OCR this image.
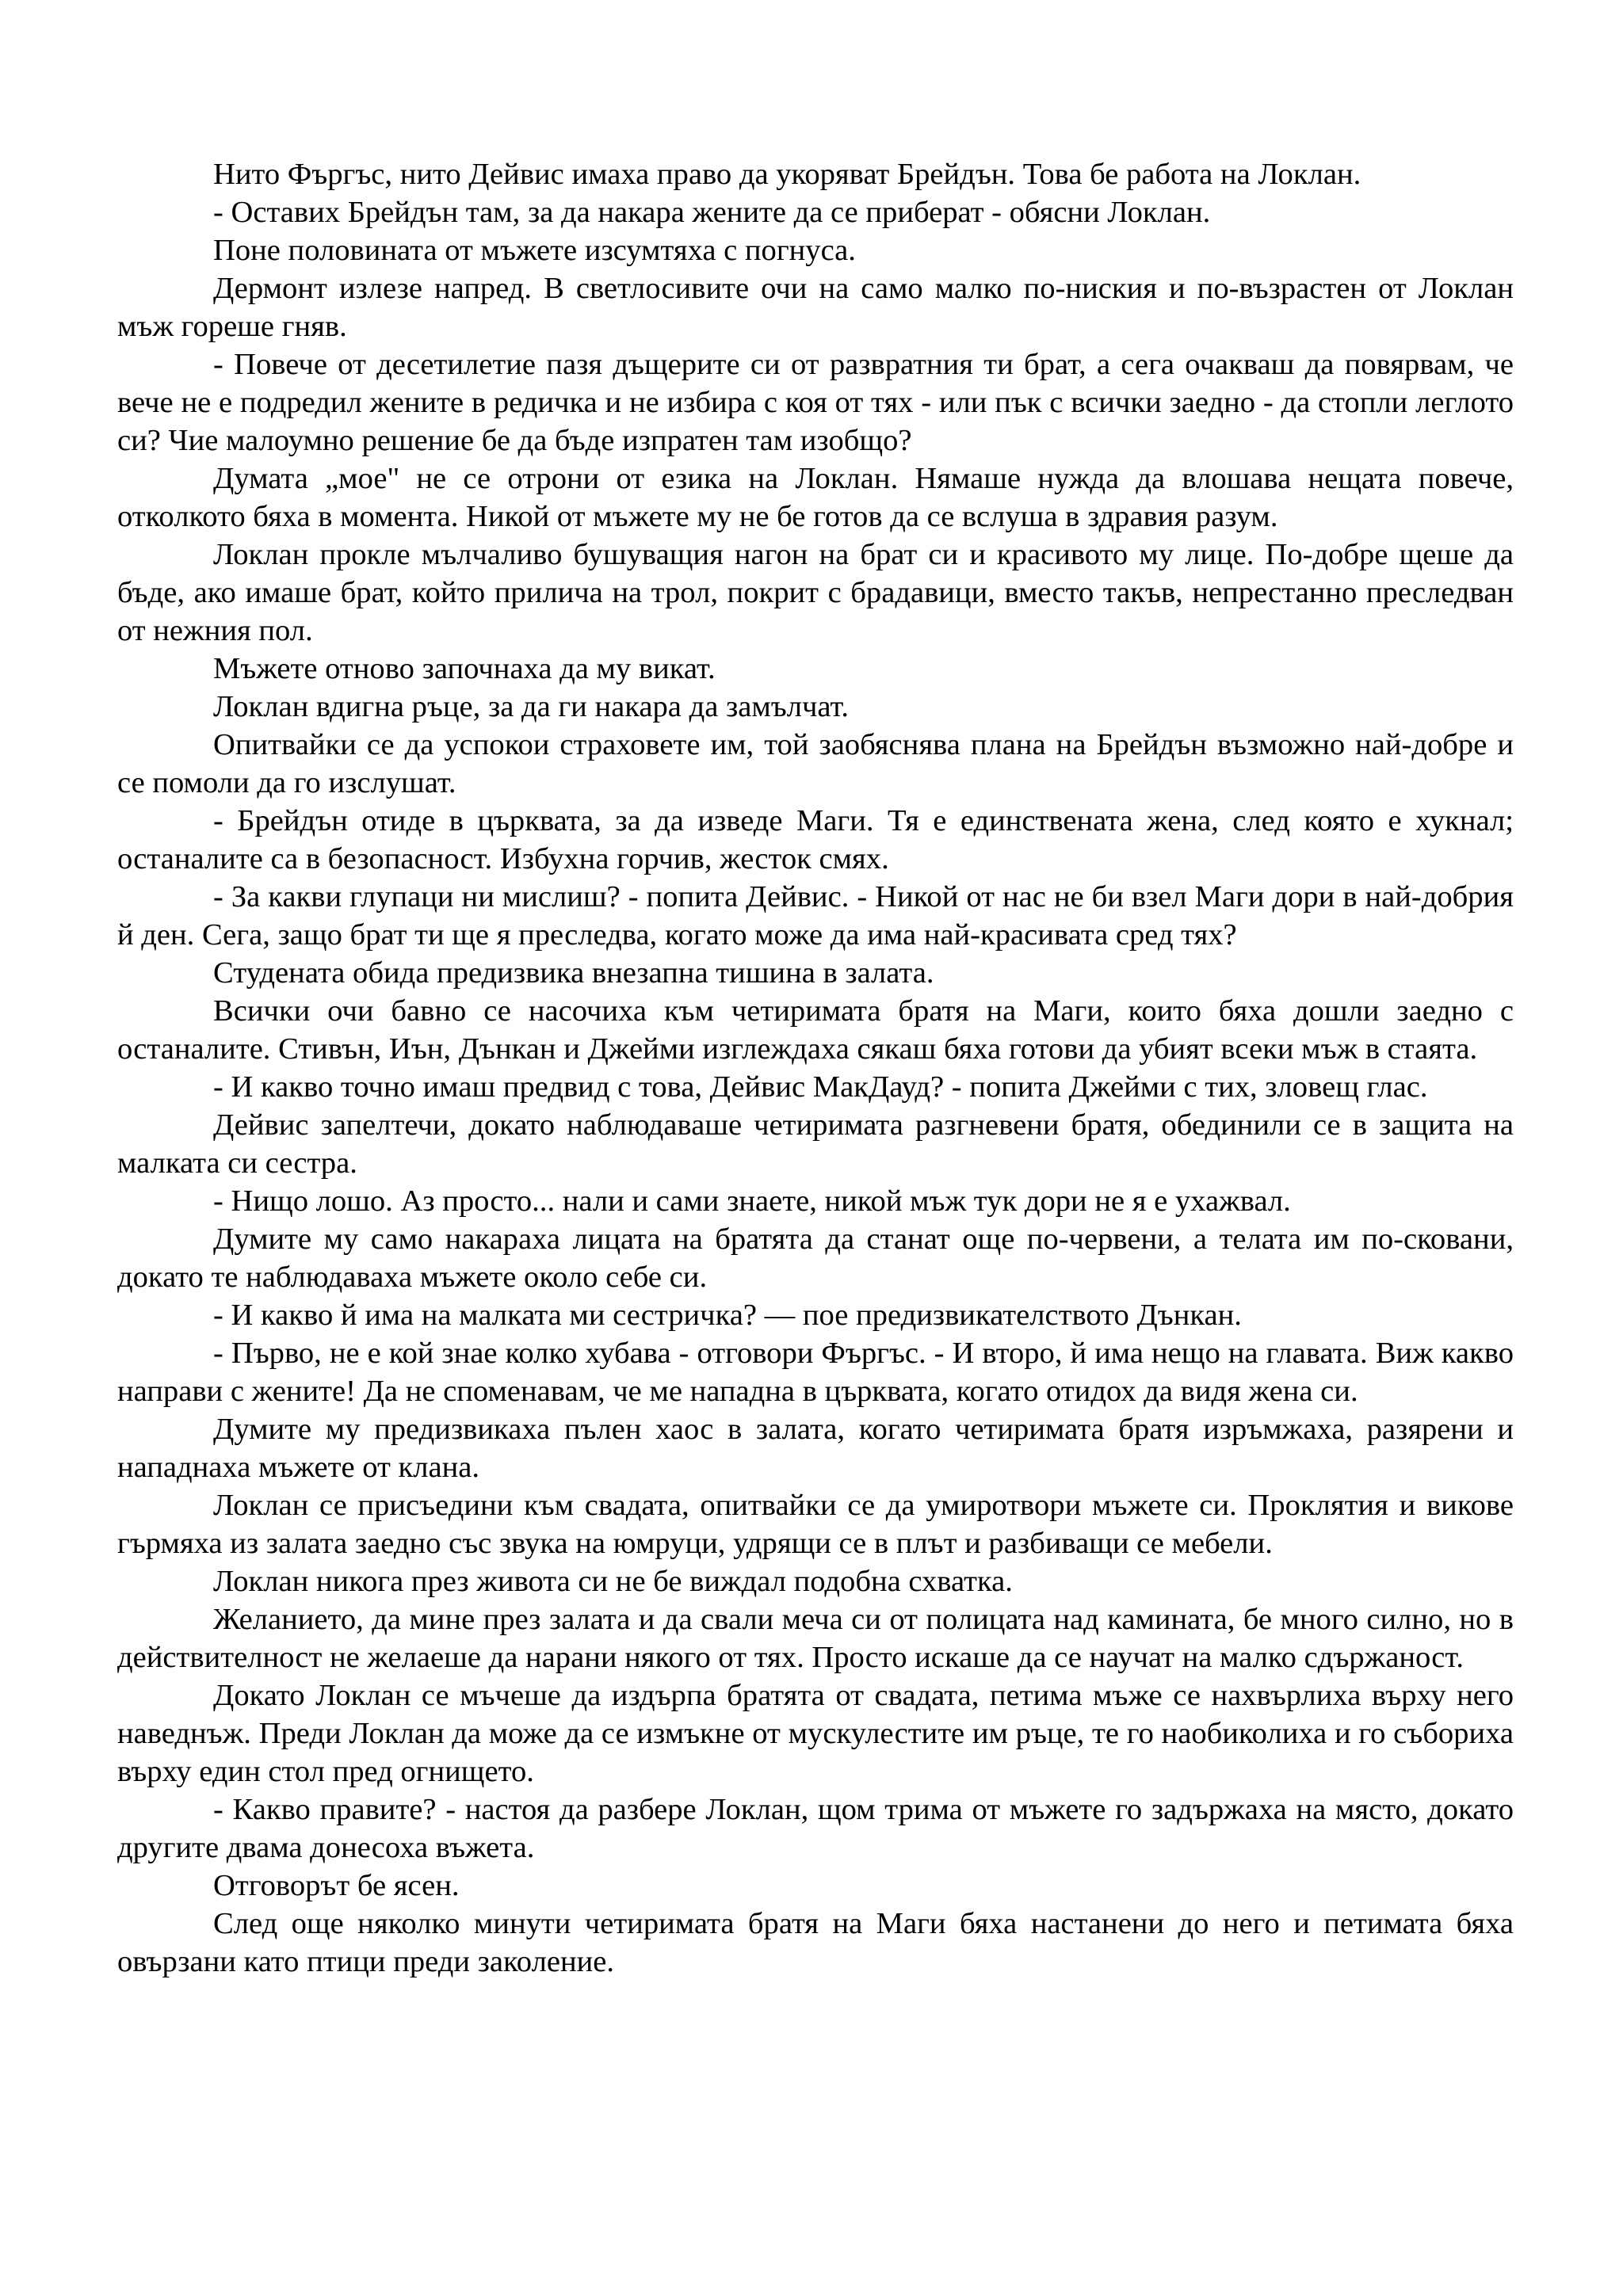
Нито Фъргъс, нито Дейвис имаха право да укоряват Брейдън. Това бе работа на Локлан.

- Оставих Брейдън там, за да накара жените да се приберат - обясни Локлан.

Поне половината от мъжете изсумтяха с погнуса.

Дермонт излезе напред. В светлосивите очи на само малко по-ниския и по-възрастен от Локлан мъж гореше гняв.

- Повече от десетилетие пазя дъщерите си от развратния ти брат, а сега очакваш да повярвам, че вече не е подредил жените в редичка и не избира с коя от тях - или пък с всички заедно - да стопли леглото си? Чие малоумно решение бе да бъде изпратен там изобщо?

Думата „мое" не се отрони от езика на Локлан. Нямаше нужда да влошава нещата повече, отколкото бяха в момента. Никой от мъжете му не бе готов да се вслуша в здравия разум.

Локлан прокле мълчаливо бушуващия нагон на брат си и красивото му лице. По-добре щеше да бъде, ако имаше брат, който прилича на трол, покрит с брадавици, вместо такъв, непрестанно преследван от нежния пол.

Мъжете отново започнаха да му викат.

Локлан вдигна ръце, за да ги накара да замълчат.

Опитвайки се да успокои страховете им, той заобяснява плана на Брейдън възможно най-добре и се помоли да го изслушат.

- Брейдън отиде в църквата, за да изведе Маги. Тя е единствената жена, след която е хукнал; останалите са в безопасност. Избухна горчив, жесток смях.

- За какви глупаци ни мислиш? - попита Дейвис. - Никой от нас не би взел Маги дори в най-добрия й ден. Сега, защо брат ти ще я преследва, когато може да има най-красивата сред тях?

Студената обида предизвика внезапна тишина в залата.

Всички очи бавно се насочиха към четиримата братя на Маги, които бяха дошли заедно с останалите. Стивън, Иън, Дънкан и Джейми изглеждаха сякаш бяха готови да убият всеки мъж в стаята.

- И какво точно имаш предвид с това, Дейвис МакДауд? - попита Джейми с тих, зловещ глас.

Дейвис запелтечи, докато наблюдаваше четиримата разгневени братя, обединили се в защита на малката си сестра.

- Нищо лошо. Аз просто... нали и сами знаете, никой мъж тук дори не я е ухажвал.

Думите му само накараха лицата на братята да станат още по-червени, а телата им по-сковани, докато те наблюдаваха мъжете около себе си.

- И какво й има на малката ми сестричка? — пое предизвикателството Дънкан.

- Първо, не е кой знае колко хубава - отговори Фъргъс. - И второ, й има нещо на главата. Виж какво направи с жените! Да не споменавам, че ме нападна в църквата, когато отидох да видя жена си.

Думите му предизвикаха пълен хаос в залата, когато четиримата братя изръмжаха, разярени и нападнаха мъжете от клана.

Локлан се присъедини към свадата, опитвайки се да умиротвори мъжете си. Проклятия и викове гърмяха из залата заедно със звука на юмруци, удрящи се в плът и разбиващи се мебели.

Локлан никога през живота си не бе виждал подобна схватка.

Желанието, да мине през залата и да свали меча си от полицата над камината, бе много силно, но в действителност не желаеше да нарани някого от тях. Просто искаше да се научат на малко сдържаност.

Докато Локлан се мъчеше да издърпа братята от свадата, петима мъже се нахвърлиха върху него наведнъж. Преди Локлан да може да се измъкне от мускулестите им ръце, те го наобиколиха и го събориха върху един стол пред огнището.

- Какво правите? - настоя да разбере Локлан, щом трима от мъжете го задържаха на място, докато другите двама донесоха въжета.

Отговорът бе ясен.

След още няколко минути четиримата братя на Маги бяха настанени до него и петимата бяха овързани като птици преди заколение.
